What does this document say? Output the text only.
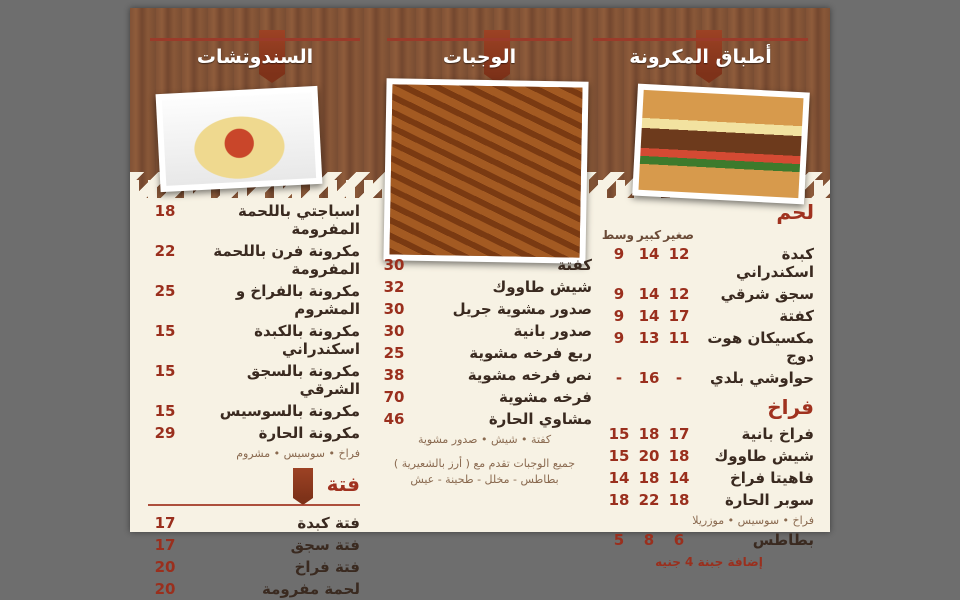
أطباق المكرونة
الوجبات
السندوتشات
لحم
صغير
كبير
وسط
كبدة اسكندراني
12
14
9
سجق شرقي
12
14
9
كفتة
17
14
9
مكسيكان هوت دوج
11
13
9
حواوشي بلدي
-
16
-
فراخ
فراخ بانية
17
18
15
شيش طاووك
18
20
15
فاهيتا فراخ
14
18
14
سوبر الحارة
18
22
18
فراخ • سوسيس • موزريلا
بطاطس
6
8
5
إضافة جبنة 4 جنيه
كفتة
30
شيش طاووك
32
صدور مشوية جريل
30
صدور بانية
30
ربع فرخه مشوية
25
نص فرخه مشوية
38
فرخه مشوية
70
مشاوي الحارة
46
كفتة • شيش • صدور مشوية
جميع الوجبات تقدم مع ( أرز بالشعيرية )
بطاطس - مخلل - طحينة - عيش
اسباجتي باللحمة المفرومة
18
مكرونة فرن باللحمة المفرومة
22
مكرونة بالفراخ و المشروم
25
مكرونة بالكبدة اسكندراني
15
مكرونة بالسجق الشرقي
15
مكرونة بالسوسيس
15
مكرونة الحارة
29
فراخ • سوسيس • مشروم
فتة
فتة كبدة
17
فتة سجق
17
فتة فراخ
20
لحمة مفرومة
20
